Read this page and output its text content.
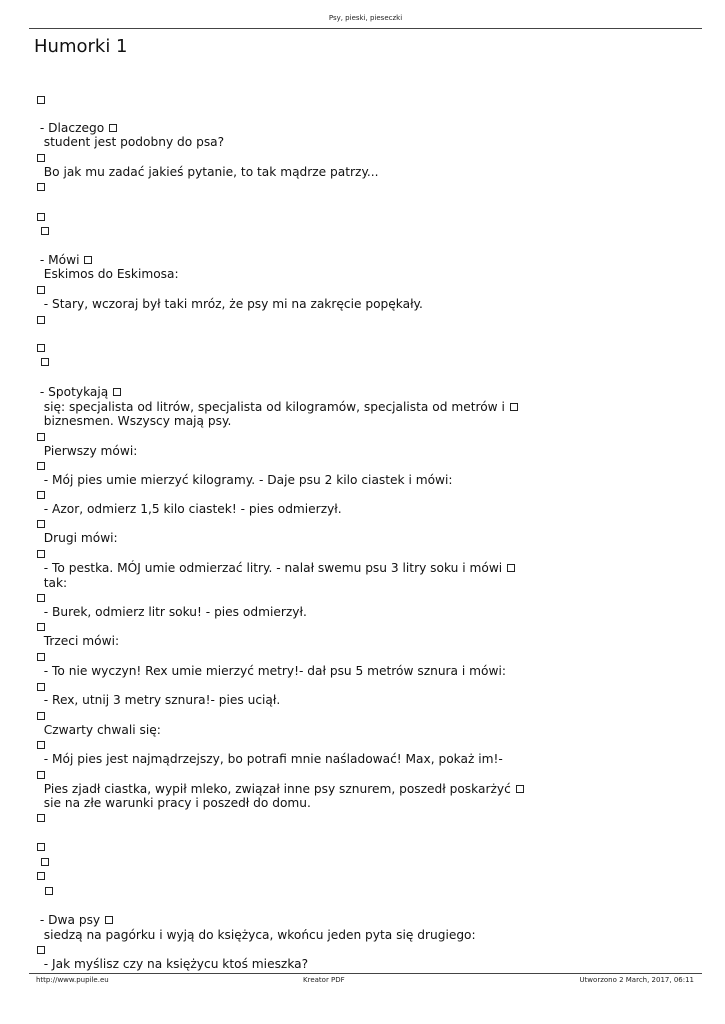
Psy, pieski, pieseczki
Humorki 1
- Dlaczego
student jest podobny do psa?
Bo jak mu zadać jakieś pytanie, to tak mądrze patrzy...

- Mówi
Eskimos do Eskimosa:
- Stary, wczoraj był taki mróz, że psy mi na zakręcie popękały.

- Spotykają
się: specjalista od litrów, specjalista od kilogramów, specjalista od metrów i
biznesmen. Wszyscy mają psy.
Pierwszy mówi:
- Mój pies umie mierzyć kilogramy. - Daje psu 2 kilo ciastek i mówi:
- Azor, odmierz 1,5 kilo ciastek! - pies odmierzył.
Drugi mówi:
- To pestka. MÓJ umie odmierzać litry. - nalał swemu psu 3 litry soku i mówi
tak:
- Burek, odmierz litr soku! - pies odmierzył.
Trzeci mówi:
- To nie wyczyn! Rex umie mierzyć metry!- dał psu 5 metrów sznura i mówi:
- Rex, utnij 3 metry sznura!- pies uciął.
Czwarty chwali się:
- Mój pies jest najmądrzejszy, bo potrafi mnie naśladować! Max, pokaż im!-
Pies zjadł ciastka, wypił mleko, związał inne psy sznurem, poszedł poskarżyć
sie na złe warunki pracy i poszedł do domu.

- Dwa psy
siedzą na pagórku i wyją do księżyca, wkońcu jeden pyta się drugiego:
- Jak myślisz czy na księżycu ktoś mieszka?
http://www.pupile.eu	Kreator PDF	Utworzono 2 March, 2017, 06:11
